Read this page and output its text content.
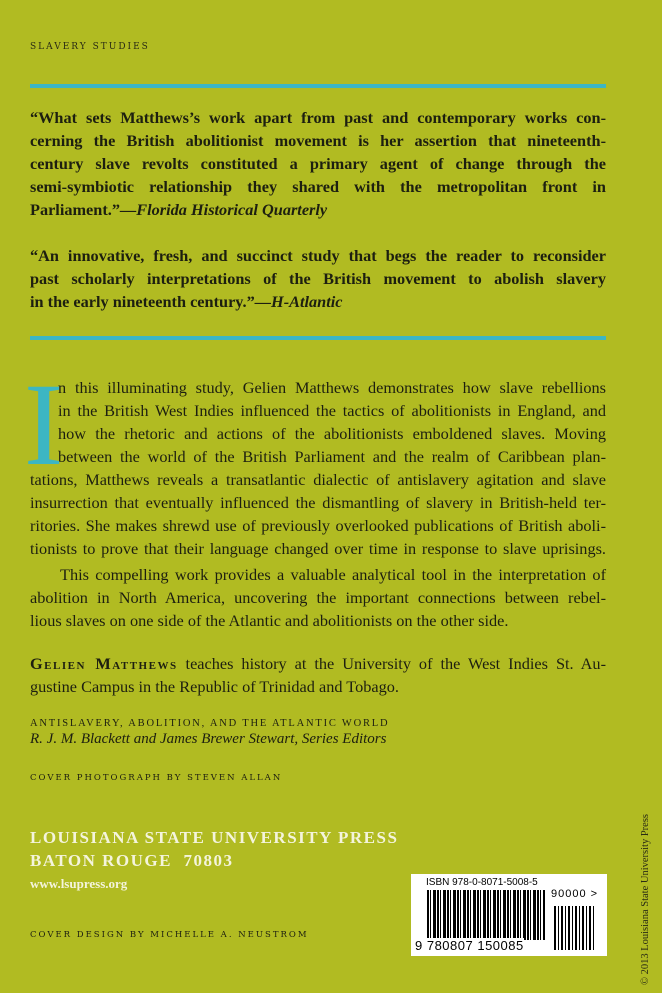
SLAVERY STUDIES
“What sets Matthews’s work apart from past and contemporary works con-
cerning the British abolitionist movement is her assertion that nineteenth-
century slave revolts constituted a primary agent of change through the
semi-symbiotic relationship they shared with the metropolitan front in
Parliament.”—Florida Historical Quarterly
“An innovative, fresh, and succinct study that begs the reader to reconsider
past scholarly interpretations of the British movement to abolish slavery
in the early nineteenth century.”—H-Atlantic
I
n this illuminating study, Gelien Matthews demonstrates how slave rebellions
in the British West Indies influenced the tactics of abolitionists in England, and
how the rhetoric and actions of the abolitionists emboldened slaves. Moving
between the world of the British Parliament and the realm of Caribbean plan-
tations, Matthews reveals a transatlantic dialectic of antislavery agitation and slave
insurrection that eventually influenced the dismantling of slavery in British-held ter-
ritories. She makes shrewd use of previously overlooked publications of British aboli-
tionists to prove that their language changed over time in response to slave uprisings.
This compelling work provides a valuable analytical tool in the interpretation of
abolition in North America, uncovering the important connections between rebel-
lious slaves on one side of the Atlantic and abolitionists on the other side.
Gelien Matthews teaches history at the University of the West Indies St. Au-
gustine Campus in the Republic of Trinidad and Tobago.
ANTISLAVERY, ABOLITION, AND THE ATLANTIC WORLD
R. J. M. Blackett and James Brewer Stewart, Series Editors
COVER PHOTOGRAPH BY STEVEN ALLAN
LOUISIANA STATE UNIVERSITY PRESS
BATON ROUGE  70803
www.lsupress.org
COVER DESIGN BY MICHELLE A. NEUSTROM
ISBN 978-0-8071-5008-5
9 780807 150085
90000 >	© 2013 Louisiana State University Press
